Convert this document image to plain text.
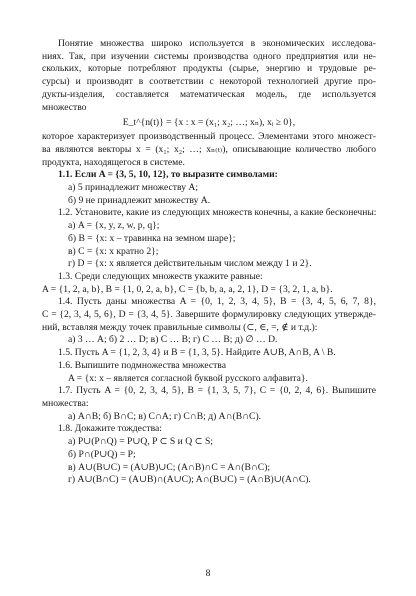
Понятие множества широко используется в экономических исследова-
ниях. Так, при изучении системы производства одного предприятия или не-
скольких, которые потребляют продукты (сырье, энергию и трудовые ре-
сурсы) и производят в соответствии с некоторой технологией другие про-
дукты-изделия, составляется математическая модель, где используется
множество
E_t^{n(t)} = {x : x = (x₁; x₂; …; xₙ), xᵢ ≥ 0},
которое характеризует производственный процесс. Элементами этого множест-
ва являются векторы x = (x₁; x₂; …; xₙ₍ₜ₎), описывающие количество любого
продукта, находящегося в системе.
1.1. Если A = {3, 5, 10, 12}, то выразите символами:
а) 5 принадлежит множеству A;
б) 9 не принадлежит множеству A.
1.2. Установите, какие из следующих множеств конечны, а какие бесконечны:
а) A = {x, y, z, w, p, q};
б) B = {x: x – травинка на земном шаре};
в) C = {x: x кратно 2};
г) D = {x: x является действительным числом между 1 и 2}.
1.3. Среди следующих множеств укажите равные:
A = {1, 2, a, b}, B = {1, 0, 2, a, b}, C = {b, b, a, a, 2, 1}, D = {3, 2, 1, a, b}.
1.4. Пусть даны множества A = {0, 1, 2, 3, 4, 5}, B = {3, 4, 5, 6, 7, 8},
C = {2, 3, 4, 5, 6}, D = {3, 4, 5}. Завершите формулировку следующих утвержде-
ний, вставляя между точек правильные символы (⊂, ∈, =, ∉ и т.д.):
а) 3 … A; б) 2 … D; в) C … B; г) C … B; д) ∅ … D.
1.5. Пусть A = {1, 2, 3, 4} и B = {1, 3, 5}. Найдите A∪B, A∩B, A \ B.
1.6. Выпишите подмножества множества
A = {x: x – является согласной буквой русского алфавита}.
1.7. Пусть A = {0, 2, 3, 4, 5}, B = {1, 3, 5, 7}, C = {0, 2, 4, 6}. Выпишите
множества:
а) A∩B; б) B∩C; в) C∩A; г) C∩B; д) A∩(B∩C).
1.8. Докажите тождества:
а) P∪(P∩Q) = P∪Q, P ⊂ S и Q ⊂ S;
б) P∩(P∪Q) = P;
в) A∪(B∪C) = (A∪B)∪C; (A∩B)∩C = A∩(B∩C);
г) A∪(B∩C) = (A∪B)∩(A∪C); A∩(B∪C) = (A∩B)∪(A∩C).
8
